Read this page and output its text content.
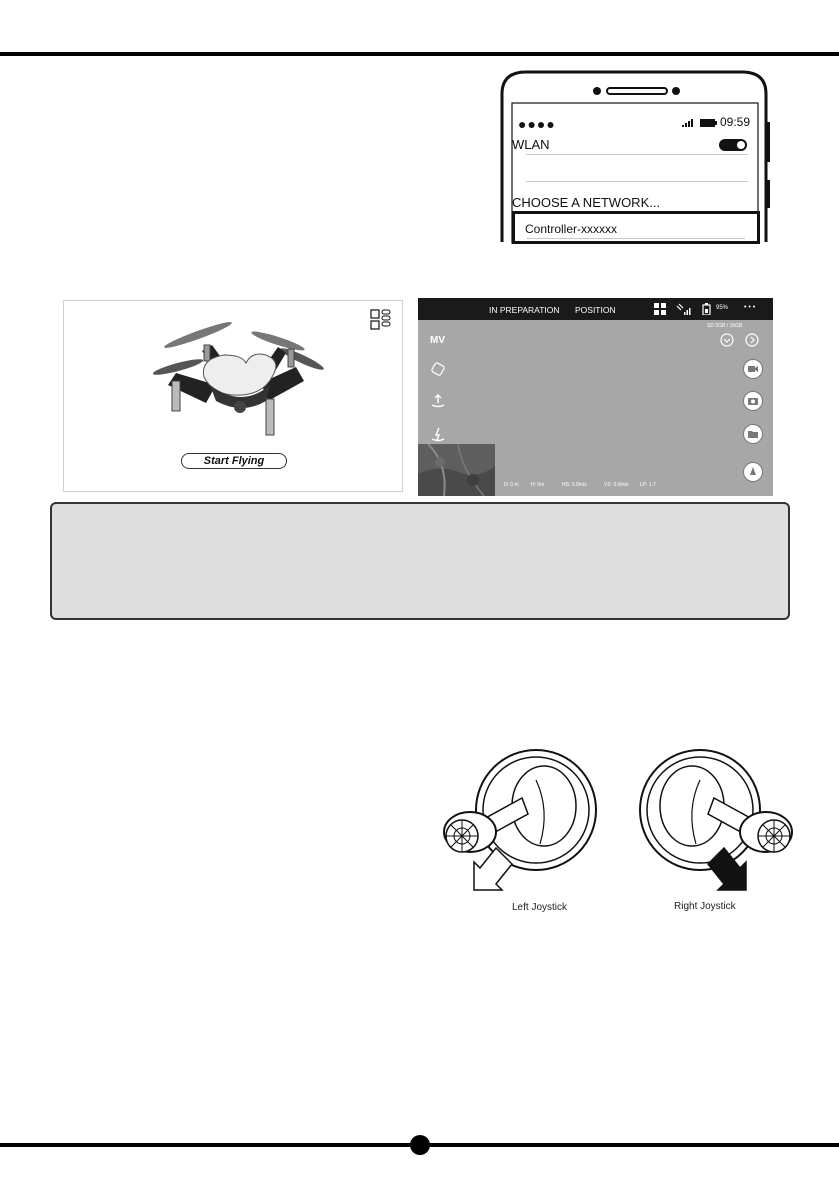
●●●●	09:59
WLAN
CHOOSE A NETWORK...
Controller-xxxxxx
Start Flying
IN PREPARATION POSITION	95% • • •
SD 5GB / 16GB
MV
D: 0 m H: 0m	HS: 0.0m/s	VS: 0.0m/s LP: 1.7
Left Joystick	Right Joystick
